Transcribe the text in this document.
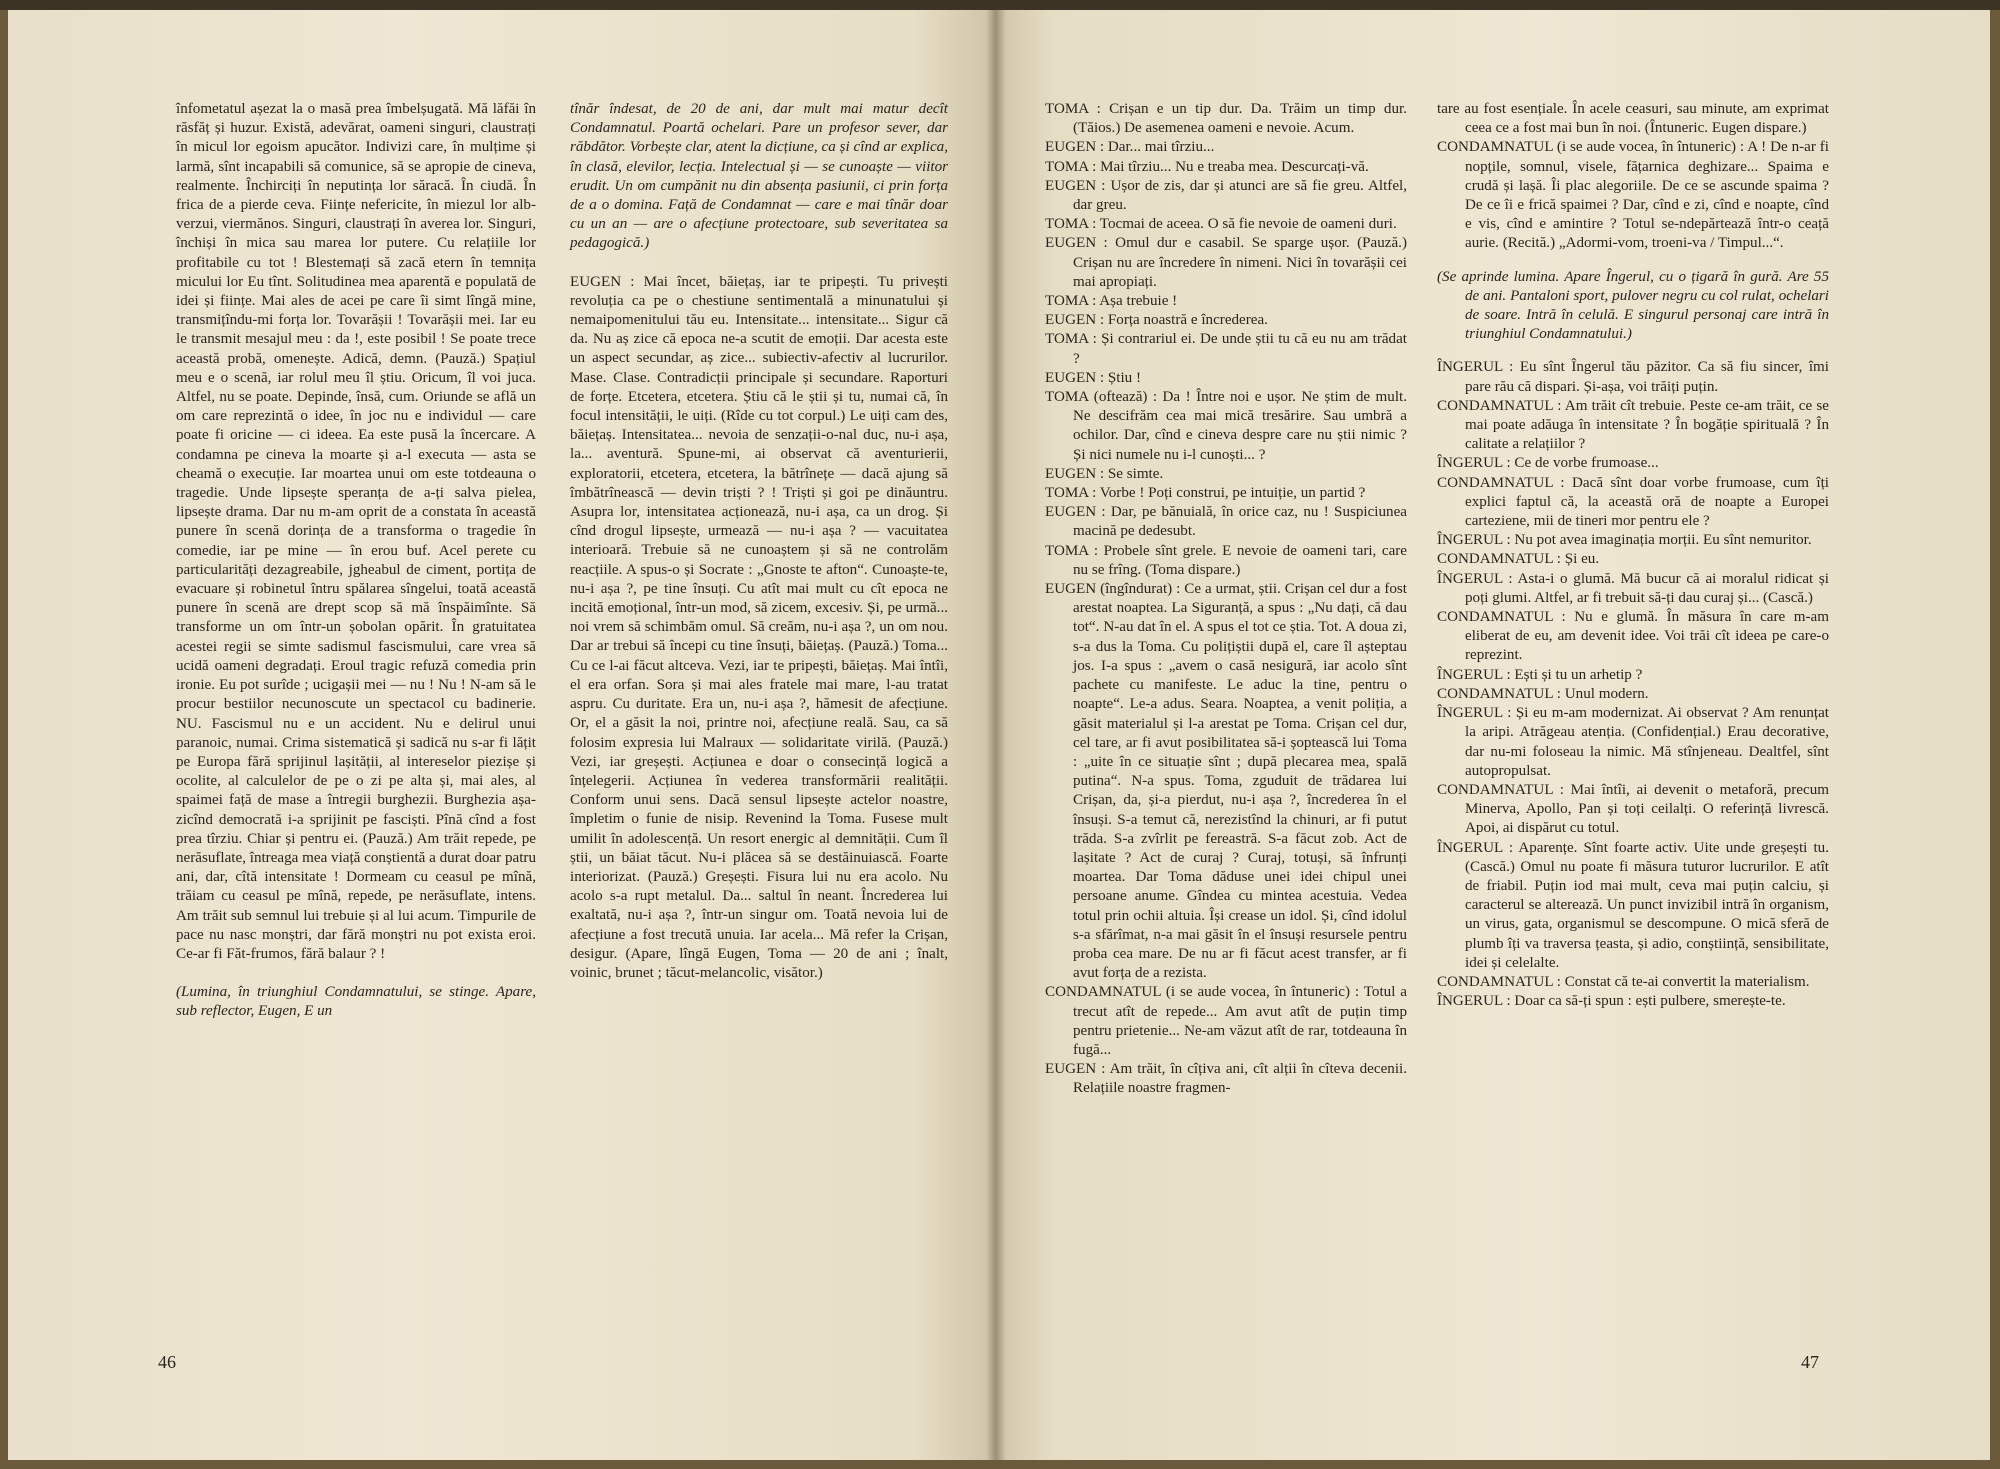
înfometatul așezat la o masă prea îmbelșugată. Mă lăfăi în răsfăț și huzur. Există, adevărat, oameni singuri, claustrați în micul lor egoism apucător. Indivizi care, în mulțime și larmă, sînt incapabili să comunice, să se apropie de cineva, realmente. Închirciți în neputința lor săracă. În ciudă. În frica de a pierde ceva. Ființe nefericite, în miezul lor alb-verzui, viermănos. Singuri, claustrați în averea lor. Singuri, închiși în mica sau marea lor putere. Cu relațiile lor profitabile cu tot ! Blestemați să zacă etern în temnița micului lor Eu tînt. Solitudinea mea aparentă e populată de idei și ființe. Mai ales de acei pe care îi simt lîngă mine, transmițîndu-mi forța lor. Tovarășii ! Tovarășii mei. Iar eu le transmit mesajul meu : da !, este posibil ! Se poate trece această probă, omenește. Adică, demn. (Pauză.) Spațiul meu e o scenă, iar rolul meu îl știu. Oricum, îl voi juca. Altfel, nu se poate. Depinde, însă, cum. Oriunde se află un om care reprezintă o idee, în joc nu e individul — care poate fi oricine — ci ideea. Ea este pusă la încercare. A condamna pe cineva la moarte și a-l executa — asta se cheamă o execuție. Iar moartea unui om este totdeauna o tragedie. Unde lipsește speranța de a-ți salva pielea, lipsește drama. Dar nu m-am oprit de a constata în această punere în scenă dorința de a transforma o tragedie în comedie, iar pe mine — în erou buf. Acel perete cu particularități dezagreabile, jgheabul de ciment, portița de evacuare și robinetul întru spălarea sîngelui, toată această punere în scenă are drept scop să mă înspăimînte. Să transforme un om într-un șobolan opărit. În gratuitatea acestei regii se simte sadismul fascismului, care vrea să ucidă oameni degradați. Eroul tragic refuză comedia prin ironie. Eu pot surîde ; ucigașii mei — nu ! Nu ! N-am să le procur bestiilor necunoscute un spectacol cu badinerie. NU. Fascismul nu e un accident. Nu e delirul unui paranoic, numai. Crima sistematică și sadică nu s-ar fi lățit pe Europa fără sprijinul lașității, al intereselor piezișe și ocolite, al calculelor de pe o zi pe alta și, mai ales, al spaimei față de mase a întregii burghezii. Burghezia așa-zicînd democrată i-a sprijinit pe fasciști. Pînă cînd a fost prea tîrziu. Chiar și pentru ei. (Pauză.) Am trăit repede, pe nerăsuflate, întreaga mea viață conștientă a durat doar patru ani, dar, cîtă intensitate ! Dormeam cu ceasul pe mînă, trăiam cu ceasul pe mînă, repede, pe nerăsuflate, intens. Am trăit sub semnul lui trebuie și al lui acum. Timpurile de pace nu nasc monștri, dar fără monștri nu pot exista eroi. Ce-ar fi Făt-frumos, fără balaur ? !

(Lumina, în triunghiul Condamnatului, se stinge. Apare, sub reflector, Eugen, E un

tînăr îndesat, de 20 de ani, dar mult mai matur decît Condamnatul. Poartă ochelari. Pare un profesor sever, dar răbdător. Vorbește clar, atent la dicțiune, ca și cînd ar explica, în clasă, elevilor, lecția. Intelectual și — se cunoaște — viitor erudit. Un om cumpănit nu din absența pasiunii, ci prin forța de a o domina. Față de Condamnat — care e mai tînăr doar cu un an — are o afecțiune protectoare, sub severitatea sa pedagogică.)

EUGEN : Mai încet, băiețaș, iar te pripești. Tu privești revoluția ca pe o chestiune sentimentală a minunatului și nemaipomenitului tău eu. Intensitate... intensitate... Sigur că da. Nu aș zice că epoca ne-a scutit de emoții. Dar acesta este un aspect secundar, aș zice... subiectiv-afectiv al lucrurilor. Mase. Clase. Contradicții principale și secundare. Raporturi de forțe. Etcetera, etcetera. Știu că le știi și tu, numai că, în focul intensității, le uiți. (Rîde cu tot corpul.) Le uiți cam des, băiețaș. Intensitatea... nevoia de senzații-o-nal duc, nu-i așa, la... aventură. Spune-mi, ai observat că aventurierii, exploratorii, etcetera, etcetera, la bătrînețe — dacă ajung să îmbătrînească — devin triști ? ! Triști și goi pe dinăuntru. Asupra lor, intensitatea acționează, nu-i așa, ca un drog. Și cînd drogul lipsește, urmează — nu-i așa ? — vacuitatea interioară. Trebuie să ne cunoaștem și să ne controlăm reacțiile. A spus-o și Socrate : „Gnoste te afton“. Cunoaște-te, nu-i așa ?, pe tine însuți. Cu atît mai mult cu cît epoca ne incită emoțional, într-un mod, să zicem, excesiv. Și, pe urmă... noi vrem să schimbăm omul. Să creăm, nu-i așa ?, un om nou. Dar ar trebui să începi cu tine însuți, băiețaș. (Pauză.) Toma... Cu ce l-ai făcut altceva. Vezi, iar te pripești, băiețaș. Mai întîi, el era orfan. Sora și mai ales fratele mai mare, l-au tratat aspru. Cu duritate. Era un, nu-i așa ?, hămesit de afecțiune. Or, el a găsit la noi, printre noi, afecțiune reală. Sau, ca să folosim expresia lui Malraux — solidaritate virilă. (Pauză.) Vezi, iar greșești. Acțiunea e doar o consecință logică a înțelegerii. Acțiunea în vederea transformării realității. Conform unui sens. Dacă sensul lipsește actelor noastre, împletim o funie de nisip. Revenind la Toma. Fusese mult umilit în adolescență. Un resort energic al demnității. Cum îl știi, un băiat tăcut. Nu-i plăcea să se destăinuiască. Foarte interiorizat. (Pauză.) Greșești. Fisura lui nu era acolo. Nu acolo s-a rupt metalul. Da... saltul în neant. Încrederea lui exaltată, nu-i așa ?, într-un singur om. Toată nevoia lui de afecțiune a fost trecută unuia. Iar acela... Mă refer la Crișan, desigur. (Apare, lîngă Eugen, Toma — 20 de ani ; înalt, voinic, brunet ; tăcut-melancolic, visător.)

46
TOMA : Crișan e un tip dur. Da. Trăim un timp dur. (Tăios.) De asemenea oameni e nevoie. Acum.
EUGEN : Dar... mai tîrziu...
TOMA : Mai tîrziu... Nu e treaba mea. Descurcați-vă.
EUGEN : Ușor de zis, dar și atunci are să fie greu. Altfel, dar greu.
TOMA : Tocmai de aceea. O să fie nevoie de oameni duri.
EUGEN : Omul dur e casabil. Se sparge ușor. (Pauză.) Crișan nu are încredere în nimeni. Nici în tovarășii cei mai apropiați.
TOMA : Așa trebuie !
EUGEN : Forța noastră e încrederea.
TOMA : Și contrariul ei. De unde știi tu că eu nu am trădat ?
EUGEN : Știu !
TOMA (oftează) : Da ! Între noi e ușor. Ne știm de mult. Ne descifrăm cea mai mică tresărire. Sau umbră a ochilor. Dar, cînd e cineva despre care nu știi nimic ? Și nici numele nu i-l cunoști... ?
EUGEN : Se simte.
TOMA : Vorbe ! Poți construi, pe intuiție, un partid ?
EUGEN : Dar, pe bănuială, în orice caz, nu ! Suspiciunea macină pe dedesubt.
TOMA : Probele sînt grele. E nevoie de oameni tari, care nu se frîng. (Toma dispare.)
EUGEN (îngîndurat) : Ce a urmat, știi. Crișan cel dur a fost arestat noaptea. La Siguranță, a spus : „Nu dați, că dau tot“. N-au dat în el. A spus el tot ce știa. Tot. A doua zi, s-a dus la Toma. Cu polițiștii după el, care îl așteptau jos. I-a spus : „avem o casă nesigură, iar acolo sînt pachete cu manifeste. Le aduc la tine, pentru o noapte“. Le-a adus. Seara. Noaptea, a venit poliția, a găsit materialul și l-a arestat pe Toma. Crișan cel dur, cel tare, ar fi avut posibilitatea să-i șoptească lui Toma : „uite în ce situație sînt ; după plecarea mea, spală putina“. N-a spus. Toma, zguduit de trădarea lui Crișan, da, și-a pierdut, nu-i așa ?, încrederea în el însuși. S-a temut că, nerezistînd la chinuri, ar fi putut trăda. S-a zvîrlit pe fereastră. S-a făcut zob. Act de lașitate ? Act de curaj ? Curaj, totuși, să înfrunți moartea. Dar Toma dăduse unei idei chipul unei persoane anume. Gîndea cu mintea acestuia. Vedea totul prin ochii altuia. Își crease un idol. Și, cînd idolul s-a sfărîmat, n-a mai găsit în el însuși resursele pentru proba cea mare. De nu ar fi făcut acest transfer, ar fi avut forța de a rezista.
CONDAMNATUL (i se aude vocea, în întuneric) : Totul a trecut atît de repede... Am avut atît de puțin timp pentru prietenie... Ne-am văzut atît de rar, totdeauna în fugă...
EUGEN : Am trăit, în cîțiva ani, cît alții în cîteva decenii. Relațiile noastre fragmen-
tare au fost esențiale. În acele ceasuri, sau minute, am exprimat ceea ce a fost mai bun în noi. (Întuneric. Eugen dispare.)
CONDAMNATUL (i se aude vocea, în întuneric) : A ! De n-ar fi nopțile, somnul, visele, fățarnica deghizare... Spaima e crudă și lașă. Îi plac alegoriile. De ce se ascunde spaima ? De ce îi e frică spaimei ? Dar, cînd e zi, cînd e noapte, cînd e vis, cînd e amintire ? Totul se-ndepărtează într-o ceață aurie. (Recită.) „Adormi-vom, troeni-va / Timpul...“.
(Se aprinde lumina. Apare Îngerul, cu o țigară în gură. Are 55 de ani. Pantaloni sport, pulover negru cu col rulat, ochelari de soare. Intră în celulă. E singurul personaj care intră în triunghiul Condamnatului.)
ÎNGERUL : Eu sînt Îngerul tău păzitor. Ca să fiu sincer, îmi pare rău că dispari. Și-așa, voi trăiți puțin.
CONDAMNATUL : Am trăit cît trebuie. Peste ce-am trăit, ce se mai poate adăuga în intensitate ? În bogăție spirituală ? În calitate a relațiilor ?
ÎNGERUL : Ce de vorbe frumoase...
CONDAMNATUL : Dacă sînt doar vorbe frumoase, cum îți explici faptul că, la această oră de noapte a Europei carteziene, mii de tineri mor pentru ele ?
ÎNGERUL : Nu pot avea imaginația morții. Eu sînt nemuritor.
CONDAMNATUL : Și eu.
ÎNGERUL : Asta-i o glumă. Mă bucur că ai moralul ridicat și poți glumi. Altfel, ar fi trebuit să-ți dau curaj și... (Cască.)
CONDAMNATUL : Nu e glumă. În măsura în care m-am eliberat de eu, am devenit idee. Voi trăi cît ideea pe care-o reprezint.
ÎNGERUL : Ești și tu un arhetip ?
CONDAMNATUL : Unul modern.
ÎNGERUL : Și eu m-am modernizat. Ai observat ? Am renunțat la aripi. Atrăgeau atenția. (Confidențial.) Erau decorative, dar nu-mi foloseau la nimic. Mă stînjeneau. Dealtfel, sînt autopropulsat.
CONDAMNATUL : Mai întîi, ai devenit o metaforă, precum Minerva, Apollo, Pan și toți ceilalți. O referință livrescă. Apoi, ai dispărut cu totul.
ÎNGERUL : Aparențe. Sînt foarte activ. Uite unde greșești tu. (Cască.) Omul nu poate fi măsura tuturor lucrurilor. E atît de friabil. Puțin iod mai mult, ceva mai puțin calciu, și caracterul se alterează. Un punct invizibil intră în organism, un virus, gata, organismul se descompune. O mică sferă de plumb îți va traversa țeasta, și adio, conștiință, sensibilitate, idei și celelalte.
CONDAMNATUL : Constat că te-ai convertit la materialism.
ÎNGERUL : Doar ca să-ți spun : ești pulbere, smerește-te.
47
